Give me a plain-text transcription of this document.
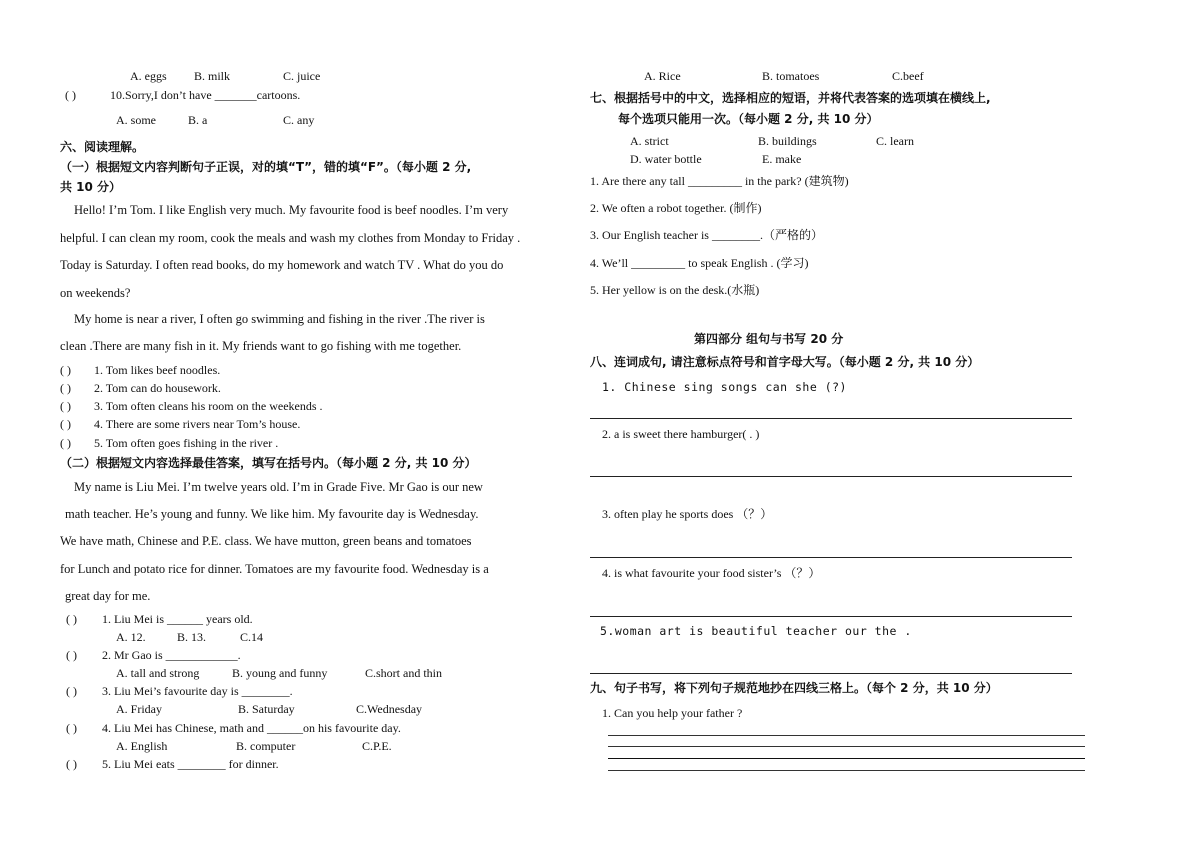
A. eggs B. milk	C. juice
( )	10.Sorry,I don’t have _______cartoons.
A. some	B. a	C. any
六、阅读理解。
（一）根据短文内容判断句子正误，对的填“T”，错的填“F”。（每小题 2 分,
共 10 分）
Hello! I’m Tom. I like English very much. My favourite food is beef noodles. I’m very
helpful. I can clean my room, cook the meals and wash my clothes from Monday to Friday .
Today is Saturday. I often read books, do my homework and watch TV . What do you do
on weekends?
My home is near a river, I often go swimming and fishing in the river .The river is
clean .There are many fish in it. My friends want to go fishing with me together.
( ) 1. Tom likes beef noodles.
( ) 2. Tom can do housework.
( ) 3. Tom often cleans his room on the weekends .
( ) 4. There are some rivers near Tom’s house.
( ) 5. Tom often goes fishing in the river .
（二）根据短文内容选择最佳答案，填写在括号内。（每小题 2 分, 共 10 分）
My name is Liu Mei. I’m twelve years old. I’m in Grade Five. Mr Gao is our new
math teacher. He’s young and funny. We like him. My favourite day is Wednesday.
We have math, Chinese and P.E. class. We have mutton, green beans and tomatoes
for Lunch and potato rice for dinner. Tomatoes are my favourite food. Wednesday is a
great day for me.
( ) 1. Liu Mei is ______ years old.
A. 12.	B. 13.	C.14
( ) 2. Mr Gao is ____________.
A. tall and strong	B. young and funny	C.short and thin
( ) 3. Liu Mei’s favourite day is ________.
A. Friday	B. Saturday	C.Wednesday
( ) 4. Liu Mei has Chinese, math and ______on his favourite day.
A. English	B. computer	C.P.E.
( ) 5. Liu Mei eats ________ for dinner.
A. Rice	B. tomatoes	C.beef
七、根据括号中的中文，选择相应的短语，并将代表答案的选项填在横线上,
每个选项只能用一次。（每小题 2 分, 共 10 分）
A. strict	B. buildings	C. learn
D. water bottle	E. make
1. Are there any tall _________ in the park? (建筑物)
2. We often a robot together. (制作)
3. Our English teacher is ________.（严格的）
4. We’ll _________ to speak English . (学习)
5. Her yellow is on the desk.(水瓶)
第四部分 组句与书写 20 分
八、连词成句, 请注意标点符号和首字母大写。（每小题 2 分, 共 10 分）
1. Chinese sing songs can she (?)
2. a is sweet there hamburger( . )
3. often play he sports does （？）
4. is what favourite your food sister’s （？）
5.woman art is beautiful teacher our the .
九、句子书写，将下列句子规范地抄在四线三格上。（每个 2 分，共 10 分）
1. Can you help your father ?
